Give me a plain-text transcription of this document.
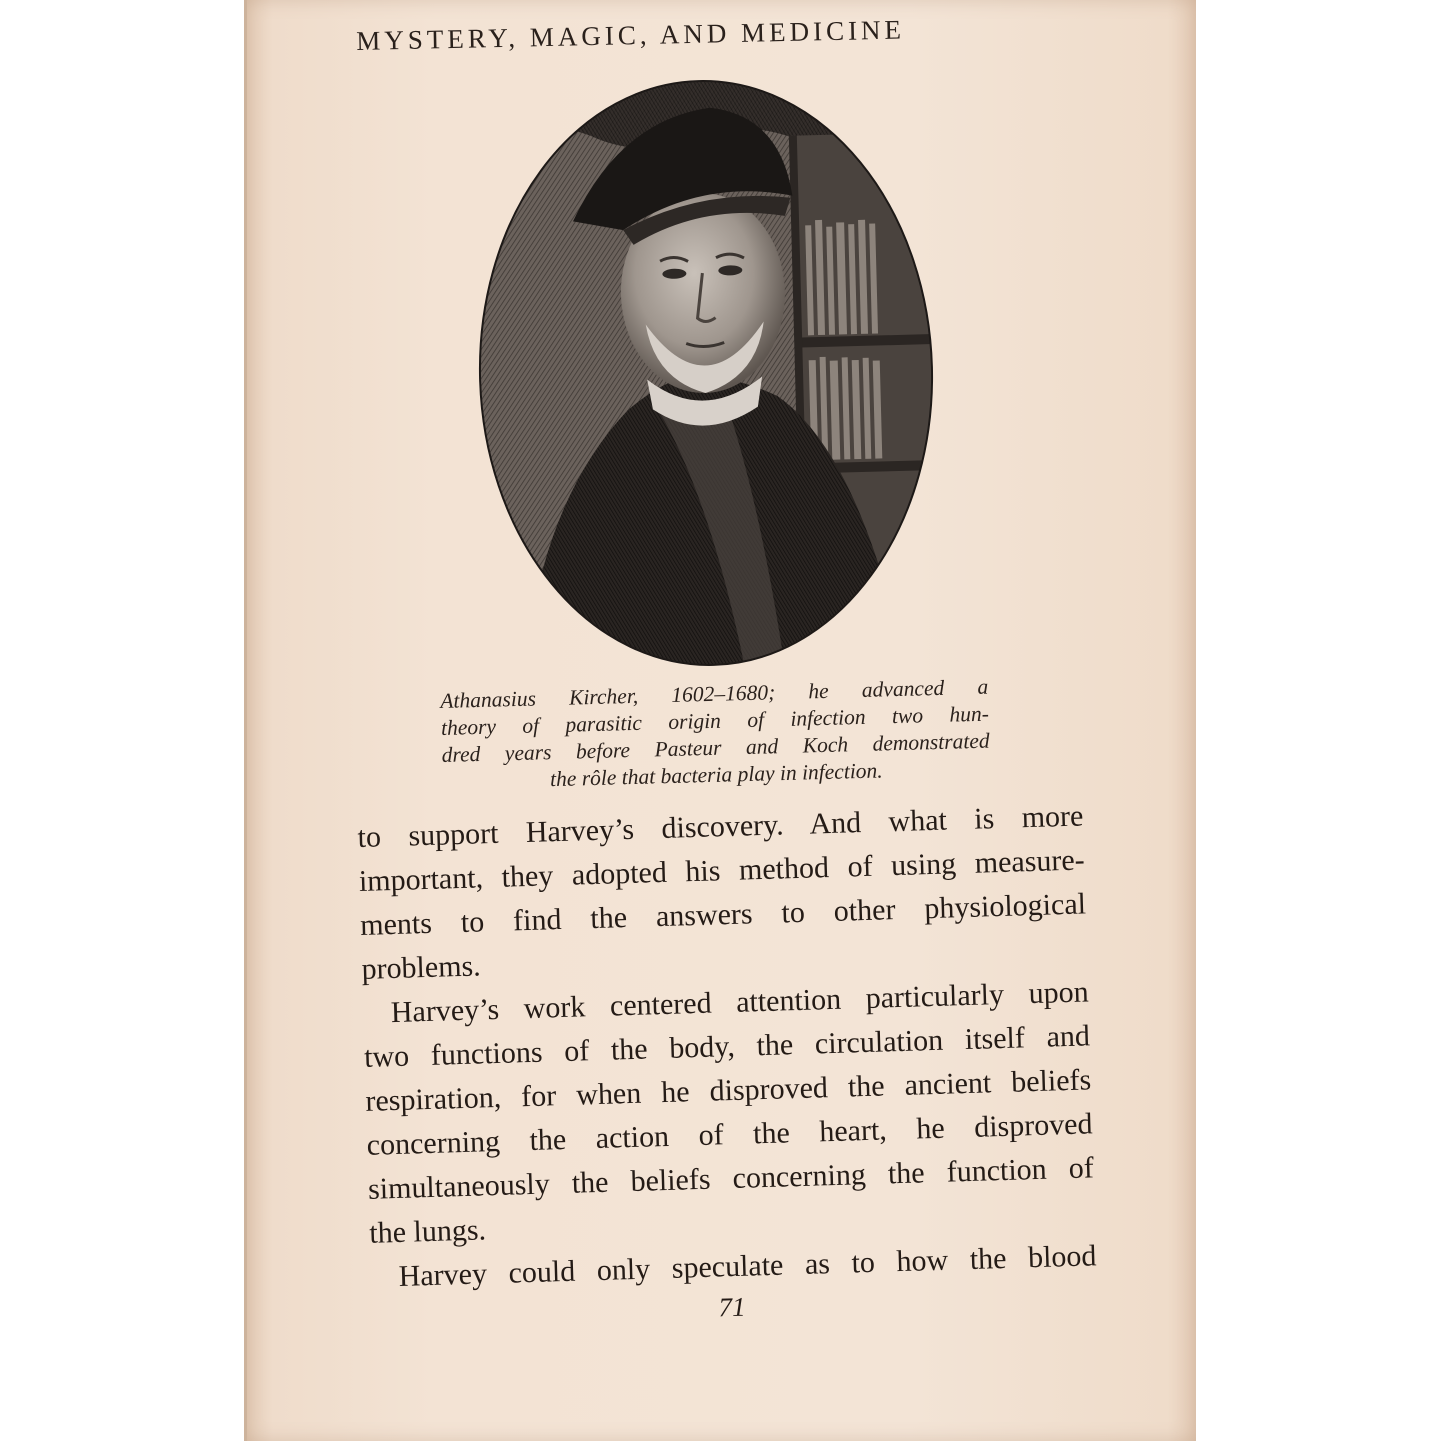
MYSTERY, MAGIC, AND MEDICINE
Athanasius Kircher, 1602–1680; he advanced a
theory of parasitic origin of infection two hun-
dred years before Pasteur and Koch demonstrated
the rôle that bacteria play in infection.
to support Harvey’s discovery. And what is more
important, they adopted his method of using measure-
ments to find the answers to other physiological
problems.
Harvey’s work centered attention particularly upon
two functions of the body, the circulation itself and
respiration, for when he disproved the ancient beliefs
concerning the action of the heart, he disproved
simultaneously the beliefs concerning the function of
the lungs.
Harvey could only speculate as to how the blood
71
